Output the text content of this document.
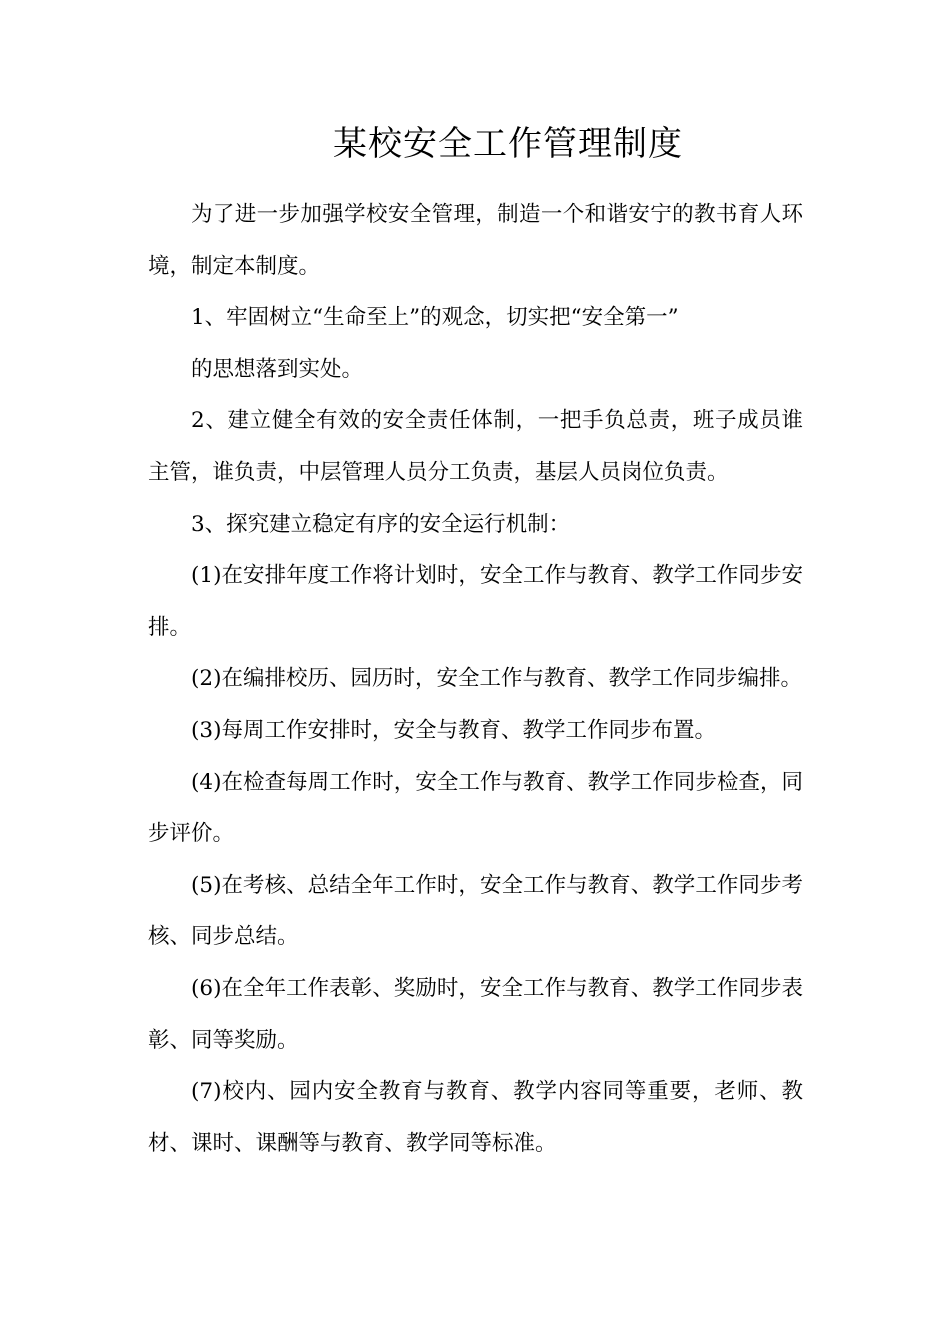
某校安全工作管理制度

为了进一步加强学校安全管理，制造一个和谐安宁的教书育人环境，制定本制度。

1、牢固树立“生命至上”的观念，切实把“安全第一”

的思想落到实处。

2、建立健全有效的安全责任体制，一把手负总责，班子成员谁主管，谁负责，中层管理人员分工负责，基层人员岗位负责。

3、探究建立稳定有序的安全运行机制：

(1)在安排年度工作将计划时，安全工作与教育、教学工作同步安排。

(2)在编排校历、园历时，安全工作与教育、教学工作同步编排。

(3)每周工作安排时，安全与教育、教学工作同步布置。

(4)在检查每周工作时，安全工作与教育、教学工作同步检查，同步评价。

(5)在考核、总结全年工作时，安全工作与教育、教学工作同步考核、同步总结。

(6)在全年工作表彰、奖励时，安全工作与教育、教学工作同步表彰、同等奖励。

(7)校内、园内安全教育与教育、教学内容同等重要，老师、教材、课时、课酬等与教育、教学同等标准。
